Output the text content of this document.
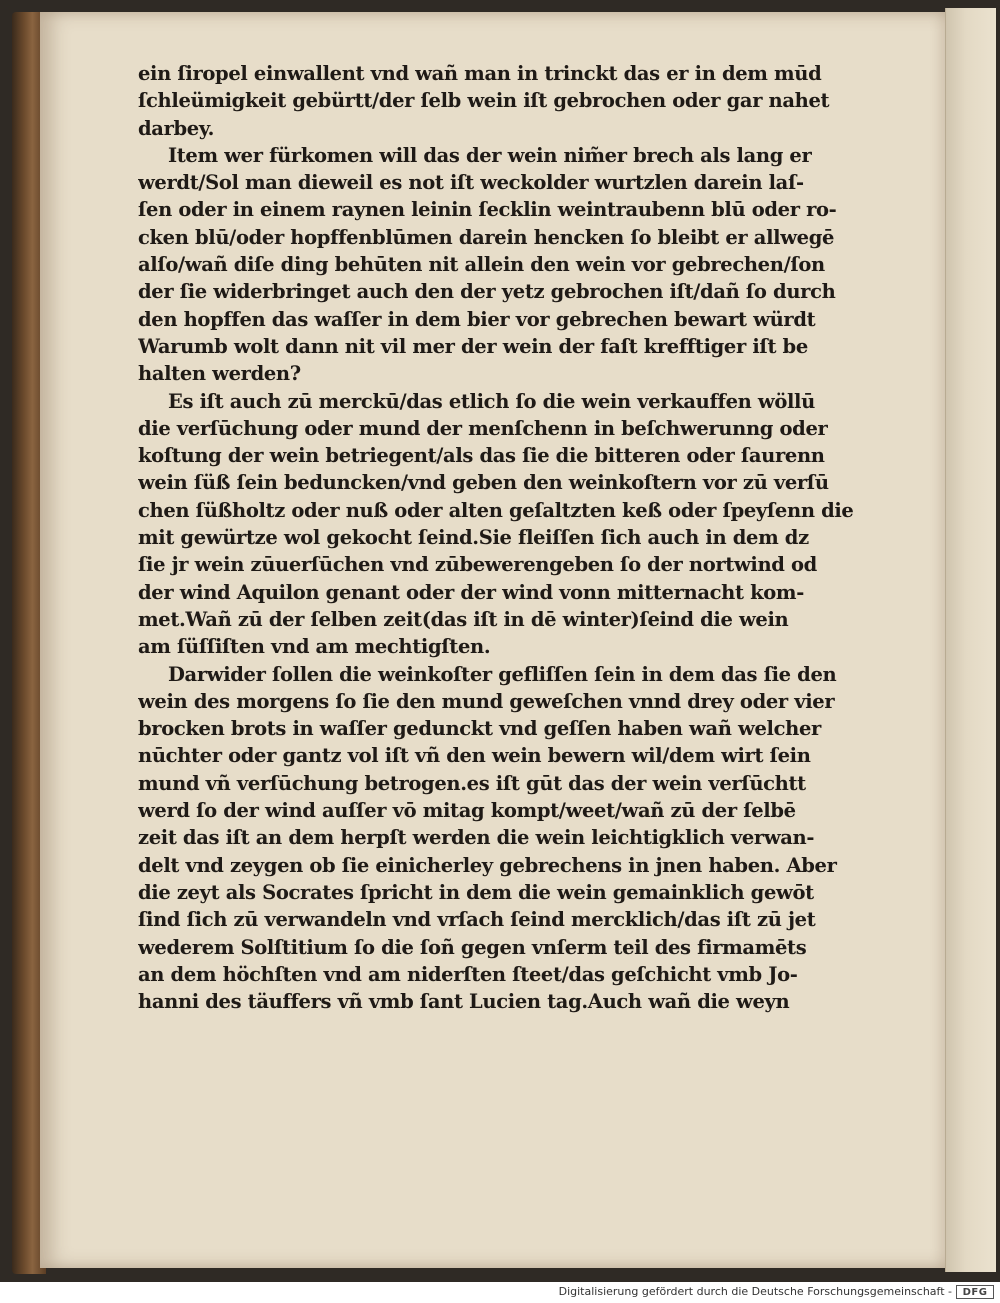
ein ſiropel einwallent vnd wañ man in trinckt das er in dem mūd
ſchleümigkeit gebürtt/der ſelb wein iſt gebrochen oder gar nahet
darbey.
Item wer fürkomen will das der wein nim̃er brech als lang er
werdt/Sol man dieweil es not iſt weckolder wurtzlen darein laſ-
ſen oder in einem raynen leinin ſecklin weintraubenn blū oder ro-
cken blū/oder hopffenblūmen darein hencken ſo bleibt er allwegē
alſo/wañ diſe ding behūten nit allein den wein vor gebrechen/ſon
der ſie widerbringet auch den der yetz gebrochen iſt/dañ ſo durch
den hopffen das waſſer in dem bier vor gebrechen bewart würdt
Warumb wolt dann nit vil mer der wein der faſt krefftiger iſt be
halten werden?
Es iſt auch zū merckū/das etlich ſo die wein verkauffen wöllū
die verſūchung oder mund der menſchenn in beſchwerunng oder
koſtung der wein betriegent/als das ſie die bitteren oder ſaurenn
wein ſüß ſein beduncken/vnd geben den weinkoſtern vor zū verſū
chen ſüßholtz oder nuß oder alten geſaltzten keß oder ſpeyſenn die
mit gewürtze wol gekocht ſeind.Sie fleiſſen ſich auch in dem dz
ſie jr wein zūuerſūchen vnd zūbewerengeben ſo der nortwind od
der wind Aquilon genant oder der wind vonn mitternacht kom-
met.Wañ zū der ſelben zeit(das iſt in dē winter)ſeind die wein
am ſüſſiſten vnd am mechtigſten.
Darwider ſollen die weinkoſter gefliſſen ſein in dem das ſie den
wein des morgens ſo ſie den mund geweſchen vnnd drey oder vier
brocken brots in waſſer gedunckt vnd geſſen haben wañ welcher
nūchter oder gantz vol iſt vñ den wein bewern wil/dem wirt ſein
mund vñ verſūchung betrogen.es iſt gūt das der wein verſūchtt
werd ſo der wind auſſer vō mitag kompt/weet/wañ zū der ſelbē
zeit das iſt an dem herpſt werden die wein leichtigklich verwan-
delt vnd zeygen ob ſie einicherley gebrechens in jnen haben. Aber
die zeyt als Socrates ſpricht in dem die wein gemainklich gewōt
ſind ſich zū verwandeln vnd vrſach ſeind mercklich/das iſt zū jet
wederem Solſtitium ſo die ſoñ gegen vnſerm teil des firmamēts
an dem höchſten vnd am niderſten ſteet/das geſchicht vmb Jo-
hanni des täuffers vñ vmb ſant Lucien tag.Auch wañ die weyn
Digitalisierung gefördert durch die Deutsche Forschungsgemeinschaft -	DFG
